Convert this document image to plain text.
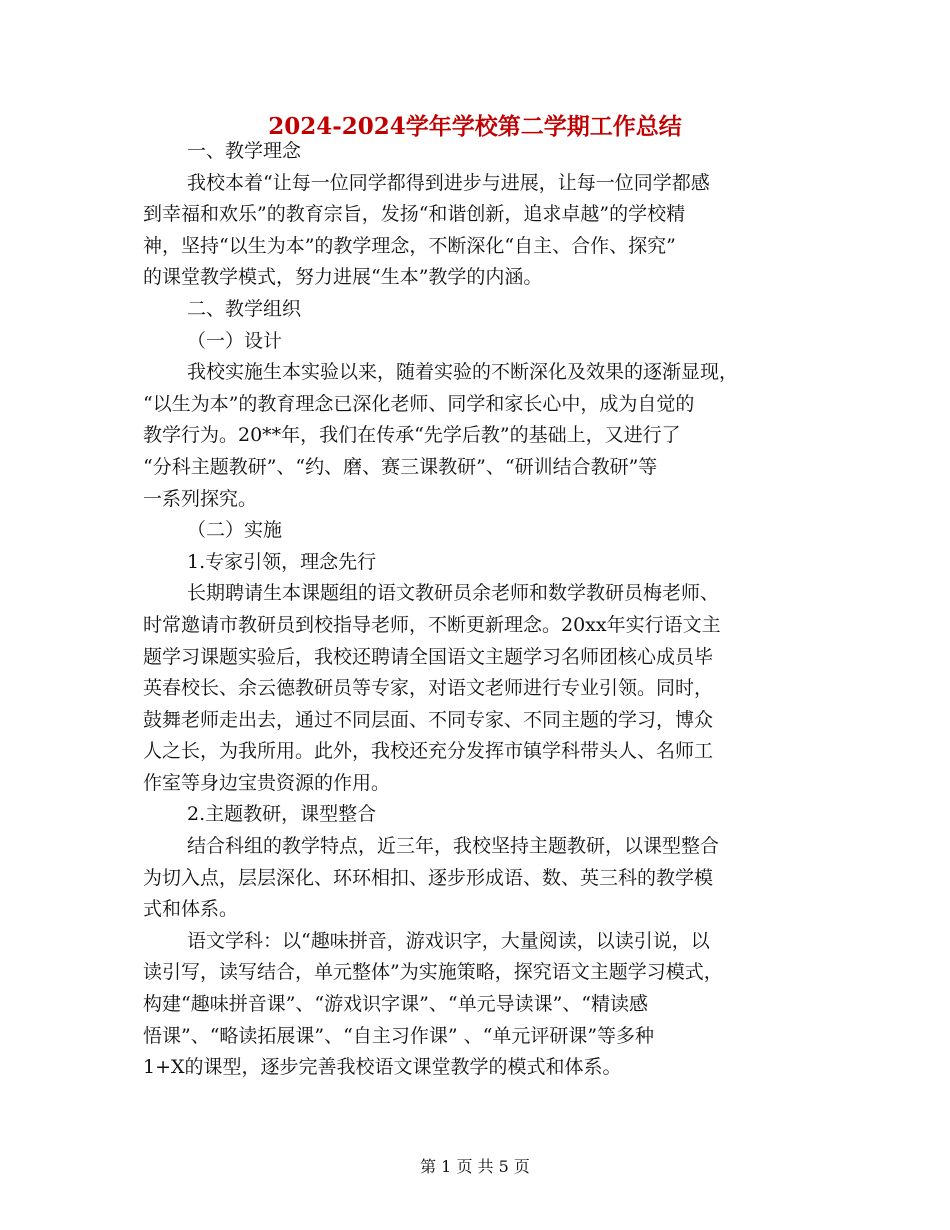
2024-2024学年学校第二学期工作总结
一、教学理念
我校本着“让每一位同学都得到进步与进展，让每一位同学都感
到幸福和欢乐”的教育宗旨，发扬“和谐创新，追求卓越”的学校精
神，坚持“以生为本”的教学理念，不断深化“自主、合作、探究”
的课堂教学模式，努力进展“生本”教学的内涵。
二、教学组织
（一）设计
我校实施生本实验以来，随着实验的不断深化及效果的逐渐显现，
“以生为本”的教育理念已深化老师、同学和家长心中，成为自觉的
教学行为。20**年，我们在传承“先学后教”的基础上，又进行了
“分科主题教研”、“约、磨、赛三课教研”、“研训结合教研”等
一系列探究。
（二）实施
1.专家引领，理念先行
长期聘请生本课题组的语文教研员余老师和数学教研员梅老师、
时常邀请市教研员到校指导老师，不断更新理念。20xx年实行语文主
题学习课题实验后，我校还聘请全国语文主题学习名师团核心成员毕
英春校长、余云德教研员等专家，对语文老师进行专业引领。同时，
鼓舞老师走出去，通过不同层面、不同专家、不同主题的学习，博众
人之长，为我所用。此外，我校还充分发挥市镇学科带头人、名师工
作室等身边宝贵资源的作用。
2.主题教研，课型整合
结合科组的教学特点，近三年，我校坚持主题教研，以课型整合
为切入点，层层深化、环环相扣、逐步形成语、数、英三科的教学模
式和体系。
语文学科：以“趣味拼音，游戏识字，大量阅读，以读引说，以
读引写，读写结合，单元整体”为实施策略，探究语文主题学习模式，
构建“趣味拼音课”、“游戏识字课”、“单元导读课”、“精读感
悟课”、“略读拓展课”、“自主习作课” 、“单元评研课”等多种
1+X的课型，逐步完善我校语文课堂教学的模式和体系。
第 1 页 共 5 页
